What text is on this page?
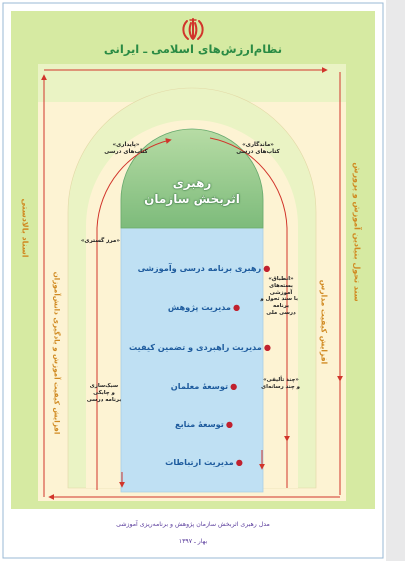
نظام‌ارزش‌های اسلامی ـ ایرانی
رهبری
اثربخش سازمان
●رهبری برنامه درسی وآموزشی
●مدیریت پژوهش
●مدیریت راهبردی و تضمین کیفیت
●توسعۀ معلمان
●توسعۀ منابع
●مدیریت ارتباطات
«پایداری»
کتاب‌های درسی
«ماندگاری»
کتاب‌های درسی
«مرز گستری»
«انطباق»
بسته‌های
آموزشی
با سند تحول و
برنامه
درسی ملی
سبک‌سازی
و چابکی
برنامه درسی
«چند تألیفی»
و چند رسانه‌ای
اسناد بالادستی
افزایش کیفیت آموزش و یادگیری دانش‌آموزان
سند تحول بنیادین آموزش و پرورش
افزایش کیفیت مدارس
مدل رهبری اثربخش سازمان پژوهش و برنامه‌ریزی آموزشی
بهار ـ ۱۳۹۷
